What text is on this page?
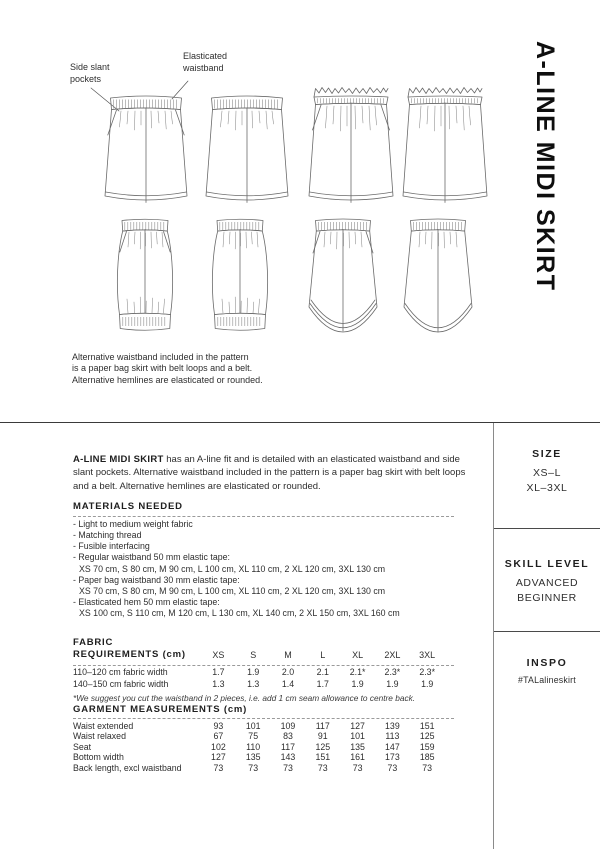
Side slant
pockets
Elasticated
waistband
Alternative waistband included in the pattern
is a paper bag skirt with belt loops and a belt.
Alternative hemlines are elasticated or rounded.
A-LINE MIDI SKIRT

A-LINE MIDI SKIRT has an A-line fit and is detailed with an elasticated waistband and side slant pockets. Alternative waistband included in the pattern is a paper bag skirt with belt loops and a belt. Alternative hemlines are elasticated or rounded.

MATERIALS NEEDED
- Light to medium weight fabric
- Matching thread
- Fusible interfacing
- Regular waistband 50 mm elastic tape:
XS 70 cm, S 80 cm, M 90 cm, L 100 cm, XL 110 cm, 2 XL 120 cm, 3XL 130 cm
- Paper bag waistband 30 mm elastic tape:
XS 70 cm, S 80 cm, M 90 cm, L 100 cm, XL 110 cm, 2 XL 120 cm, 3XL 130 cm
- Elasticated hem 50 mm elastic tape:
XS 100 cm, S 110 cm, M 120 cm, L 130 cm, XL 140 cm, 2 XL 150 cm, 3XL 160 cm
FABRIC REQUIREMENTS (cm)	XS	S	M	L	XL	2XL	3XL
110–120 cm fabric width	1.7	1.9	2.0	2.1	2.1*	2.3*	2.3*
140–150 cm fabric width	1.3	1.3	1.4	1.7	1.9	1.9	1.9
*We suggest you cut the waistband in 2 pieces, i.e. add 1 cm seam allowance to centre back.
GARMENT MEASUREMENTS (cm)
Waist extended	93	101	109	117	127	139	151
Waist relaxed	67	75	83	91	101	113	125
Seat	102	110	117	125	135	147	159
Bottom width	127	135	143	151	161	173	185
Back length, excl waistband	73	73	73	73	73	73	73
SIZE
XS–L
XL–3XL
SKILL LEVEL
ADVANCED
BEGINNER
INSPO
#TALalineskirt
